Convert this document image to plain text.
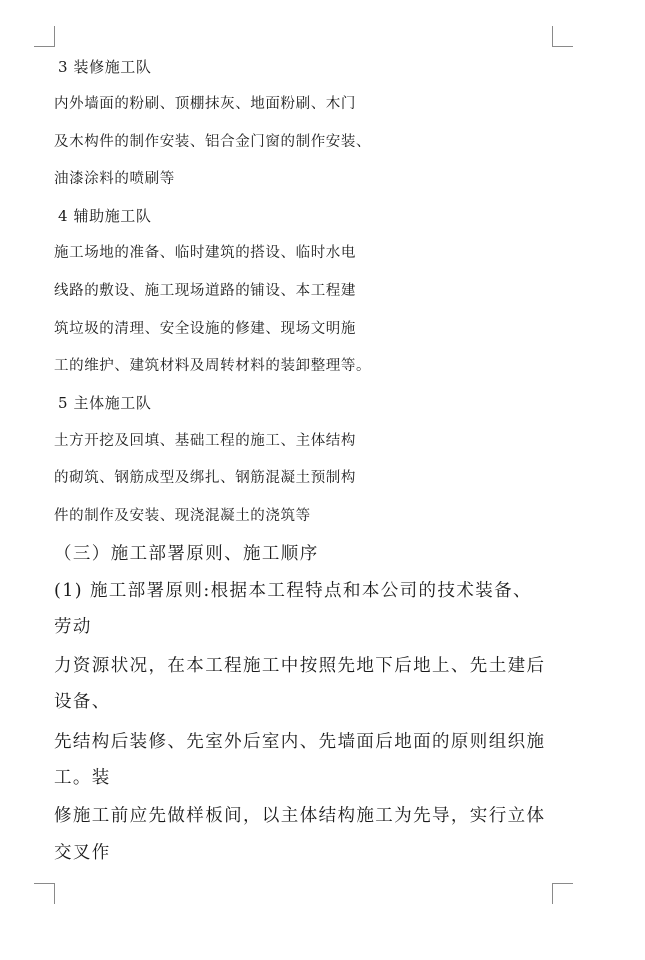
3 装修施工队
内外墙面的粉刷、顶棚抹灰、地面粉刷、木门
及木构件的制作安装、铝合金门窗的制作安装、
油漆涂料的喷刷等
4 辅助施工队
施工场地的准备、临时建筑的搭设、临时水电
线路的敷设、施工现场道路的铺设、本工程建
筑垃圾的清理、安全设施的修建、现场文明施
工的维护、建筑材料及周转材料的装卸整理等。
5 主体施工队
土方开挖及回填、基础工程的施工、主体结构
的砌筑、钢筋成型及绑扎、钢筋混凝土预制构
件的制作及安装、现浇混凝土的浇筑等
（三）施工部署原则、施工顺序
(1) 施工部署原则:根据本工程特点和本公司的技术装备、
劳动
力资源状况，在本工程施工中按照先地下后地上、先土建后
设备、
先结构后装修、先室外后室内、先墙面后地面的原则组织施
工。装
修施工前应先做样板间，以主体结构施工为先导，实行立体
交叉作
